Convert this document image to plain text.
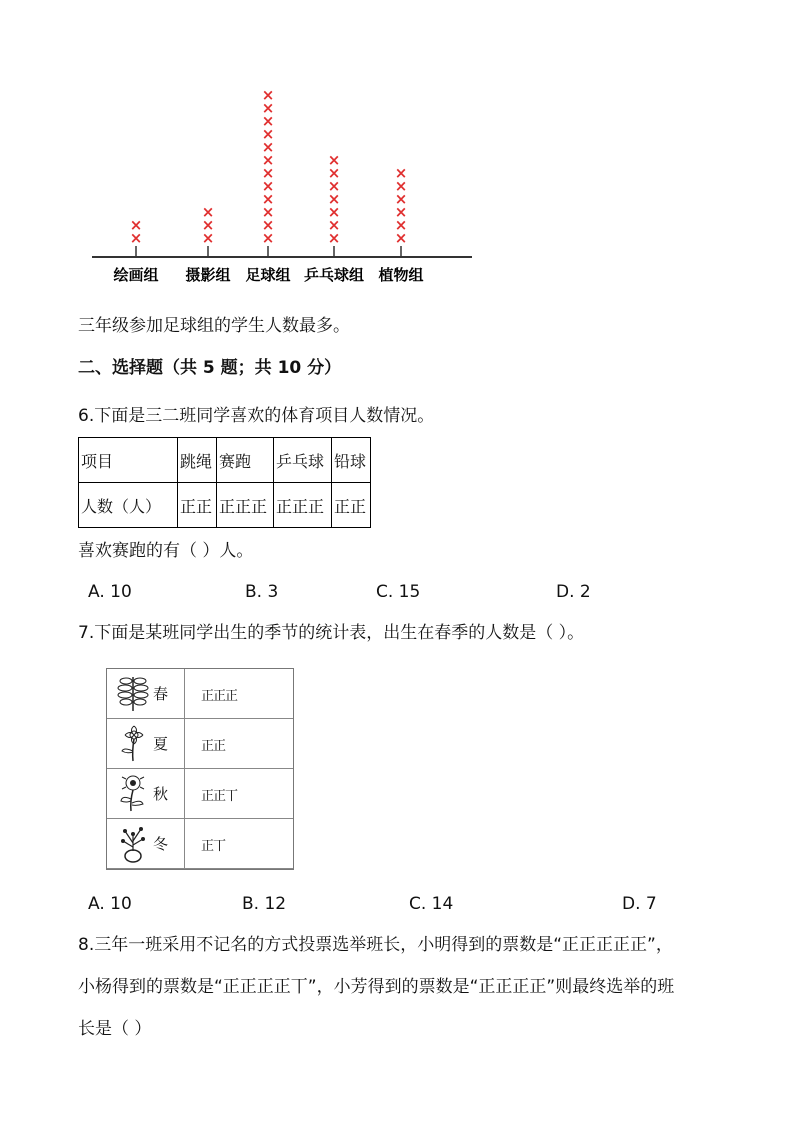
×
×
×
×
×
×
×
×
×
×
×
×
×
×
×
×
×
×
×
×
×
×
×
×
×
×
×
×
×
×
绘画组 摄影组 足球组 乒乓球组 植物组
三年级参加足球组的学生人数最多。
二、选择题（共 5 题；共 10 分）
6.下面是三二班同学喜欢的体育项目人数情况。
项目	跳绳	赛跑	乒乓球	铅球
人数（人）	正正	正正正	正正正	正正
喜欢赛跑的有（ ）人。
A. 10	B. 3	C. 15	D. 2
7.下面是某班同学出生的季节的统计表，出生在春季的人数是（ ）。
春	正正正
夏	正正
秋	正正丅
冬	正丅
A. 10	B. 12	C. 14	D. 7
8.三年一班采用不记名的方式投票选举班长，小明得到的票数是“正正正正正”，
小杨得到的票数是“正正正正丅”，小芳得到的票数是“正正正正”则最终选举的班
长是（ ）
